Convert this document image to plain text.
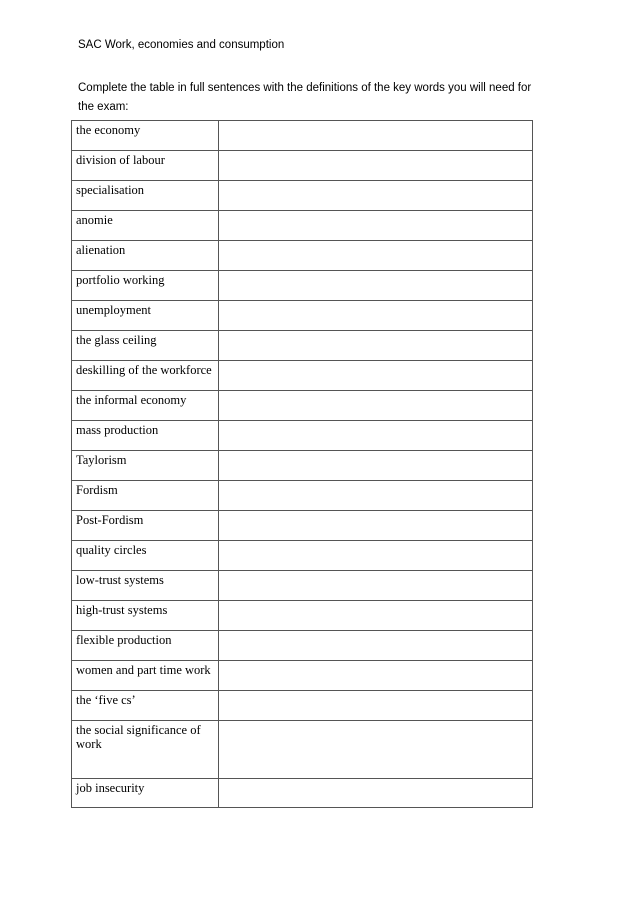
SAC Work, economies and consumption
Complete the table in full sentences with the definitions of the key words you will need for the exam:
the economy	
division of labour	
specialisation	
anomie	
alienation	
portfolio working	
unemployment	
the glass ceiling	
deskilling of the workforce	
the informal economy	
mass production	
Taylorism	
Fordism	
Post-Fordism	
quality circles	
low-trust systems	
high-trust systems	
flexible production	
women and part time work	
the ‘five cs’	
the social significance of work	
job insecurity	
